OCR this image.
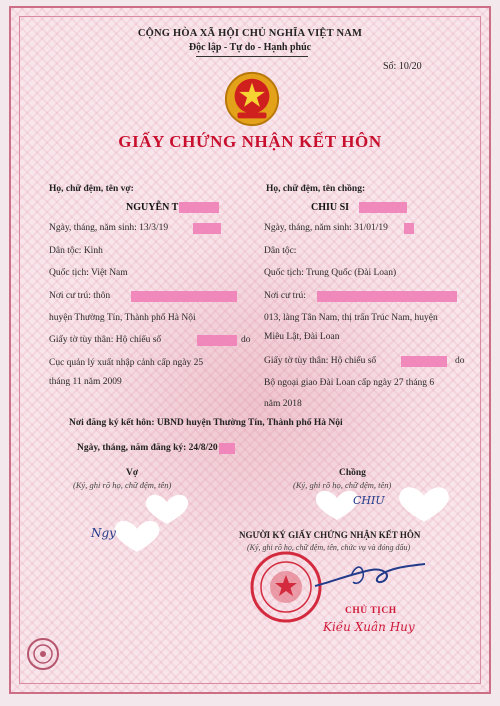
CỘNG HÒA XÃ HỘI CHỦ NGHĨA VIỆT NAM
Độc lập - Tự do - Hạnh phúc
Số: 10/20
GIẤY CHỨNG NHẬN KẾT HÔN
Họ, chữ đệm, tên vợ:
NGUYỄN T
Ngày, tháng, năm sinh: 13/3/19
Dân tộc: Kinh
Quốc tịch: Việt Nam
Nơi cư trú: thôn
huyện Thường Tín, Thành phố Hà Nội
Giấy tờ tùy thân: Hộ chiếu số	do
Cục quản lý xuất nhập cảnh cấp ngày 25
tháng 11 năm 2009
Họ, chữ đệm, tên chồng:
CHIU SI
Ngày, tháng, năm sinh: 31/01/19
Dân tộc:
Quốc tịch: Trung Quốc (Đài Loan)
Nơi cư trú:
013, làng Tân Nam, thị trấn Trúc Nam, huyện
Miêu Lật, Đài Loan
Giấy tờ tùy thân: Hộ chiếu số	do
Bộ ngoại giao Đài Loan cấp ngày 27 tháng 6
năm 2018
Nơi đăng ký kết hôn: UBND huyện Thường Tín, Thành phố Hà Nội
Ngày, tháng, năm đăng ký: 24/8/20
Vợ
(Ký, ghi rõ họ, chữ đệm, tên)
Chồng
(Ký, ghi rõ họ, chữ đệm, tên)
Ngy
CHIU
NGƯỜI KÝ GIẤY CHỨNG NHẬN KẾT HÔN
(Ký, ghi rõ họ, chữ đệm, tên, chức vụ và đóng dấu)
CHỦ TỊCH
Kiều Xuân Huy
